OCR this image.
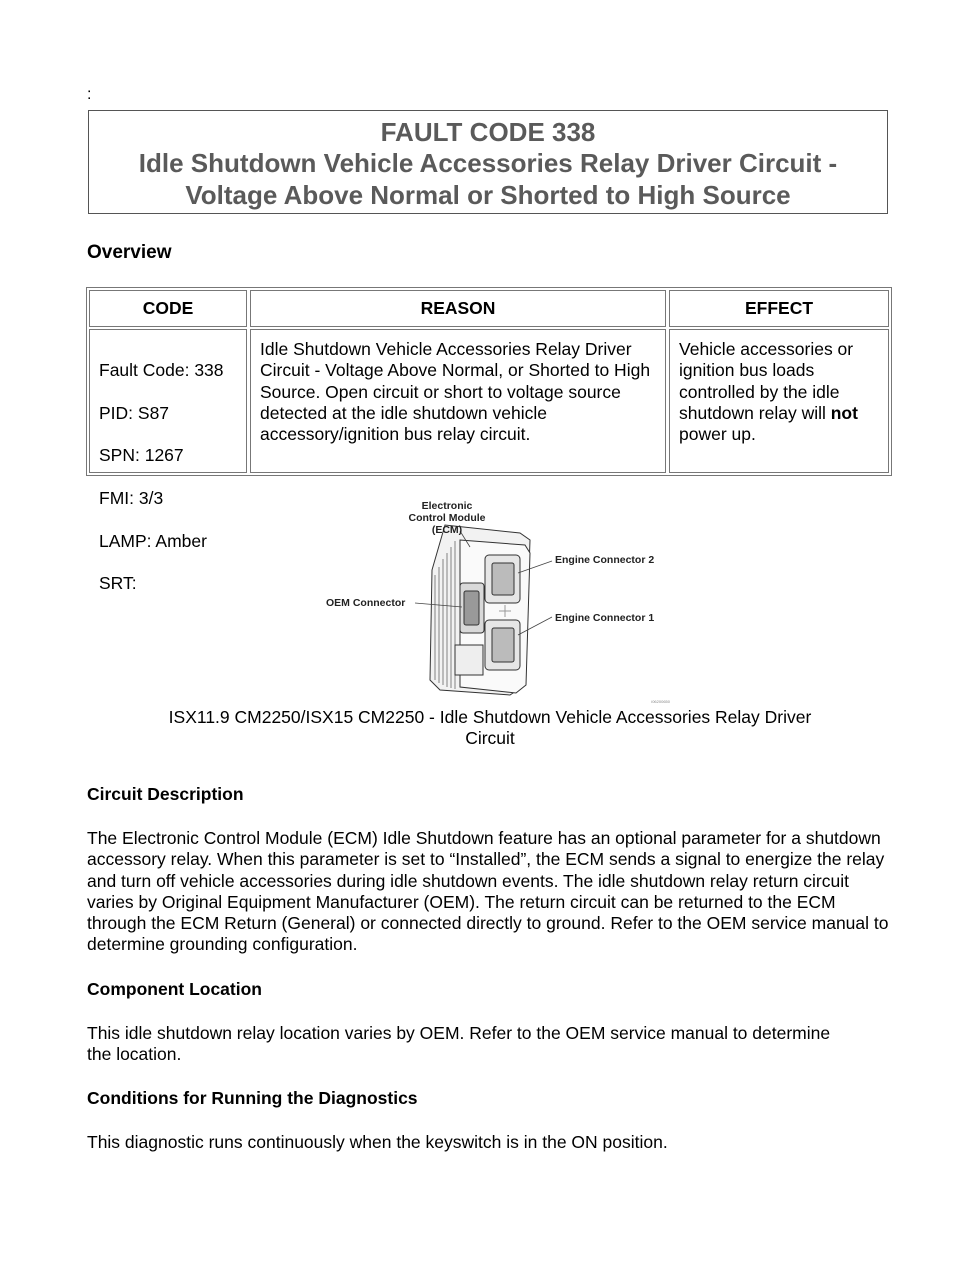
:
FAULT CODE 338
Idle Shutdown Vehicle Accessories Relay Driver Circuit -
Voltage Above Normal or Shorted to High Source
Overview
CODE	REASON	EFFECT

Fault Code: 338

PID: S87

SPN: 1267

FMI: 3/3

LAMP: Amber

SRT:

Idle Shutdown Vehicle Accessories Relay Driver Circuit - Voltage Above Normal, or Shorted to High Source. Open circuit or short to voltage source detected at the idle shutdown vehicle accessory/ignition bus relay circuit.
Vehicle accessories or ignition bus loads controlled by the idle shutdown relay will not power up.
Electronic
Control Module
(ECM)
Engine Connector 2
OEM Connector
Engine Connector 1
i06200650
ISX11.9 CM2250/ISX15 CM2250 - Idle Shutdown Vehicle Accessories Relay Driver
Circuit
Circuit Description
The Electronic Control Module (ECM) Idle Shutdown feature has an optional parameter for a shutdown accessory relay. When this parameter is set to “Installed”, the ECM sends a signal to energize the relay and turn off vehicle accessories during idle shutdown events. The idle shutdown relay return circuit varies by Original Equipment Manufacturer (OEM). The return circuit can be returned to the ECM through the ECM Return (General) or connected directly to ground. Refer to the OEM service manual to determine grounding configuration.
Component Location
This idle shutdown relay location varies by OEM. Refer to the OEM service manual to determine the location.
Conditions for Running the Diagnostics
This diagnostic runs continuously when the keyswitch is in the ON position.
